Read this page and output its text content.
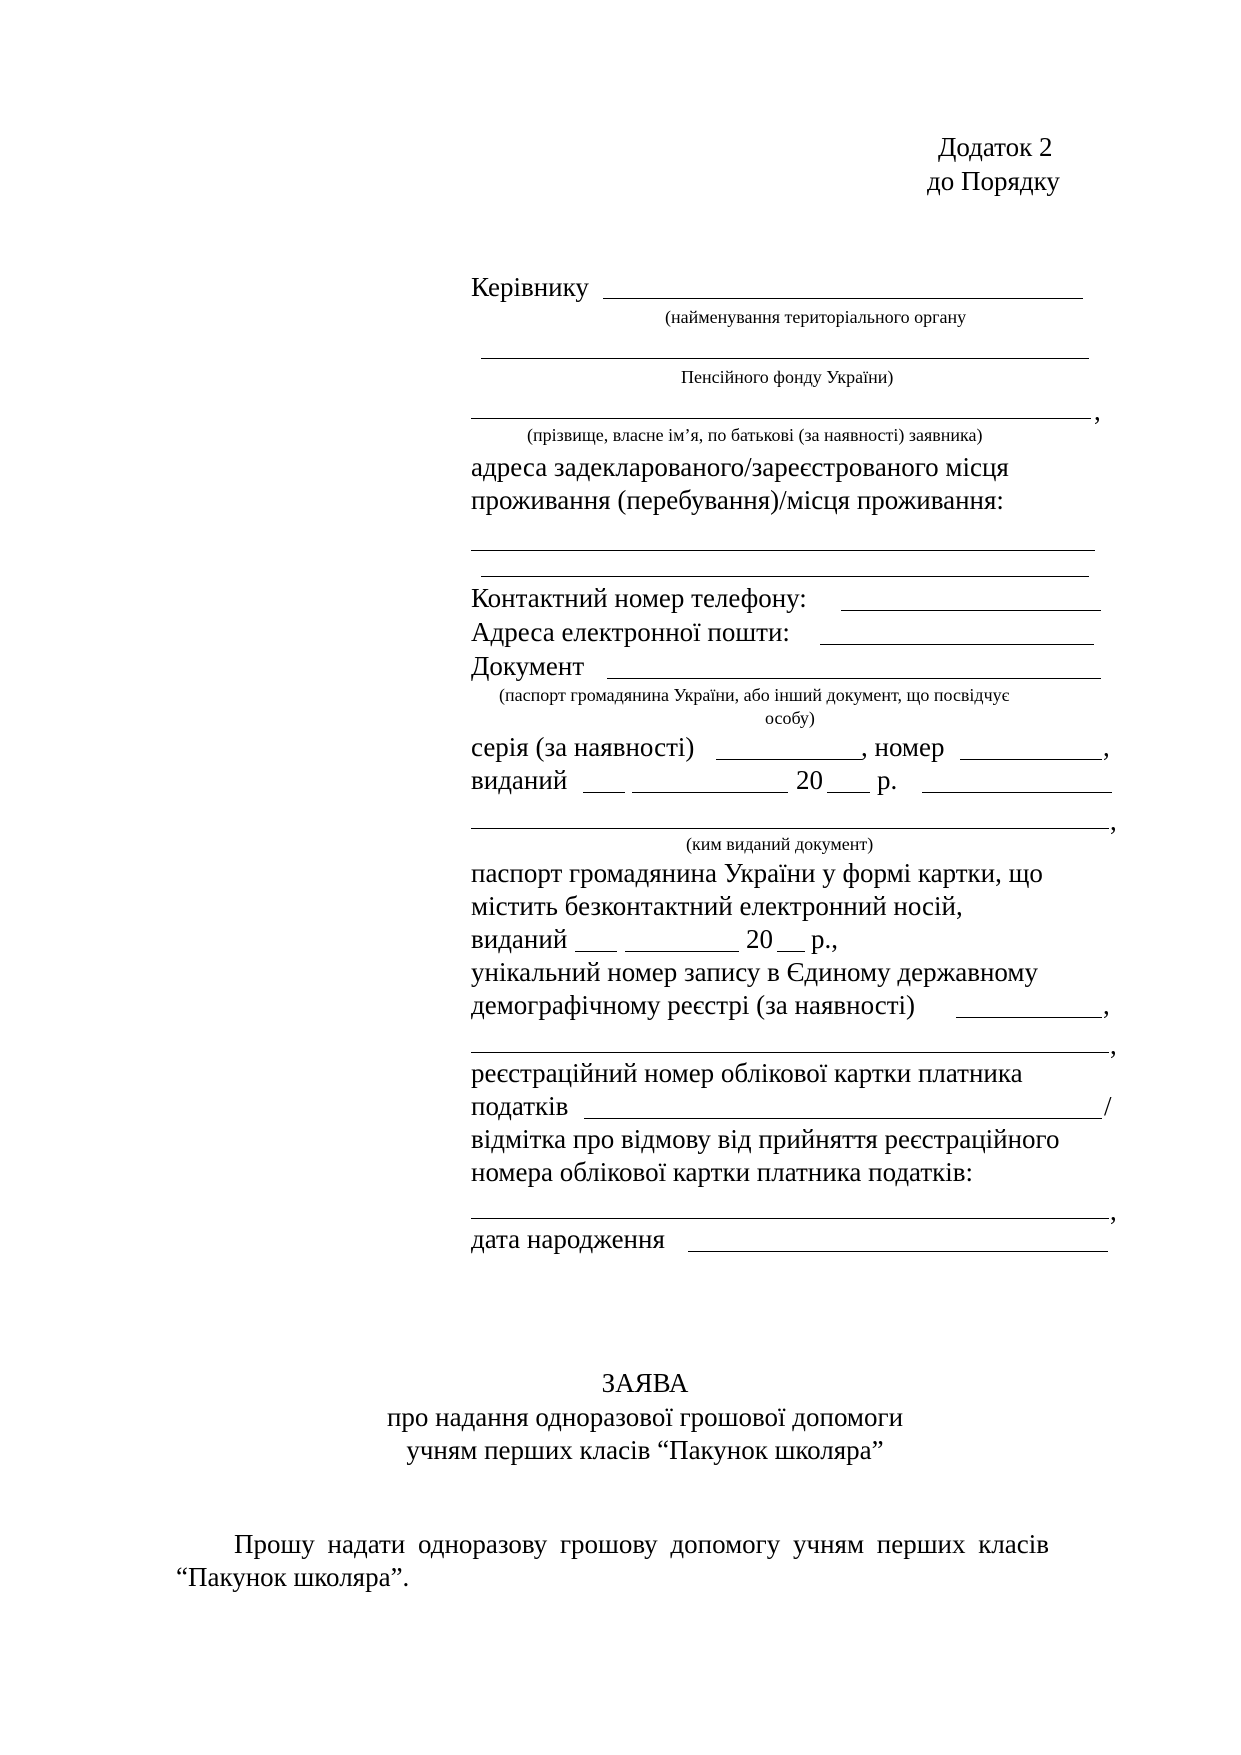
Додаток 2
до Порядку
Керівнику
(найменування територіального органу
Пенсійного фонду України)
,
(прізвище, власне ім’я, по батькові (за наявності) заявника)
адреса задекларованого/зареєстрованого місця
проживання (перебування)/місця проживання:
Контактний номер телефону:
Адреса електронної пошти:
Документ
(паспорт громадянина України, або інший документ, що посвідчує
особу)
серія (за наявності)	, номер	,
виданий	20 р.
,
(ким виданий документ)
паспорт громадянина України у формі картки, що
містить безконтактний електронний носій,
виданий	20 р.,
унікальний номер запису в Єдиному державному
демографічному реєстрі (за наявності)	,
,
реєстраційний номер облікової картки платника
податків	/
відмітка про відмову від прийняття реєстраційного
номера облікової картки платника податків:
,
дата народження
ЗАЯВА
про надання одноразової грошової допомоги
учням перших класів “Пакунок школяра”
Прошу надати одноразову грошову допомогу учням перших класів
“Пакунок школяра”.
